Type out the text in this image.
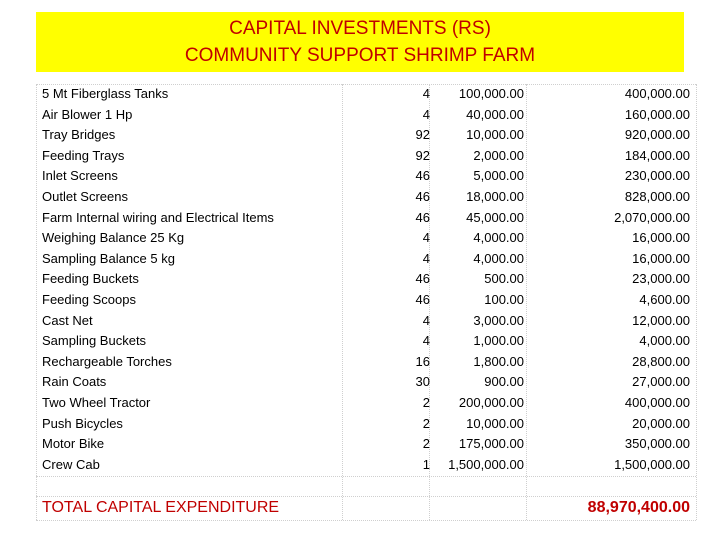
CAPITAL INVESTMENTS (RS)
COMMUNITY SUPPORT SHRIMP FARM
5 Mt Fiberglass Tanks	4 100,000.00	400,000.00
Air Blower 1 Hp	4	40,000.00	160,000.00
Tray Bridges	92	10,000.00	920,000.00
Feeding Trays	92	2,000.00	184,000.00
Inlet Screens	46	5,000.00	230,000.00
Outlet Screens	46	18,000.00	828,000.00
Farm Internal wiring and Electrical Items	46	45,000.00	2,070,000.00
Weighing Balance 25 Kg	4	4,000.00	16,000.00
Sampling Balance 5 kg	4	4,000.00	16,000.00
Feeding Buckets	46	500.00	23,000.00
Feeding Scoops	46	100.00	4,600.00
Cast Net	4	3,000.00	12,000.00
Sampling Buckets	4	1,000.00	4,000.00
Rechargeable Torches	16	1,800.00	28,800.00
Rain Coats	30	900.00	27,000.00
Two Wheel Tractor	2 200,000.00	400,000.00
Push Bicycles	2	10,000.00	20,000.00
Motor Bike	2 175,000.00	350,000.00
Crew Cab	1 1,500,000.00	1,500,000.00
TOTAL CAPITAL EXPENDITURE	88,970,400.00
